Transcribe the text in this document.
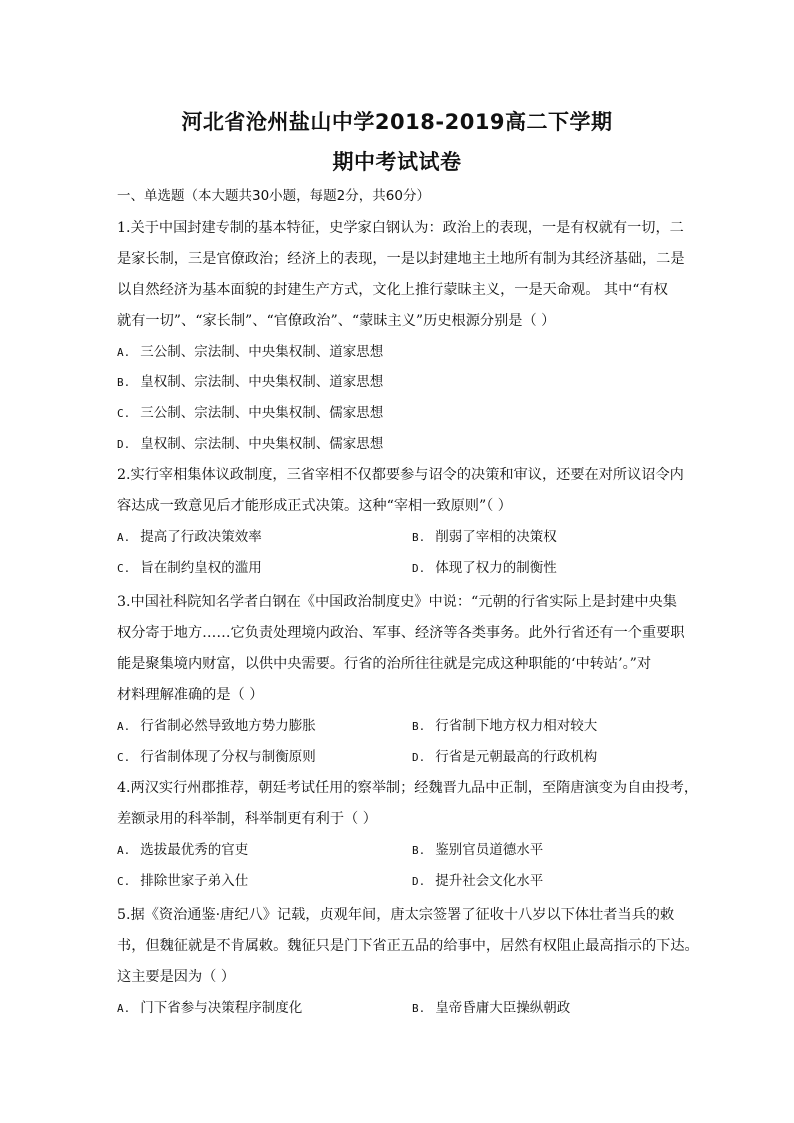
河北省沧州盐山中学2018-2019高二下学期
期中考试试卷
一、单选题（本大题共30小题，每题2分，共60分）
1.关于中国封建专制的基本特征，史学家白钢认为：政治上的表现，一是有权就有一切，二
是家长制，三是官僚政治；经济上的表现，一是以封建地主土地所有制为其经济基础，二是
以自然经济为基本面貌的封建生产方式，文化上推行蒙昧主义，一是天命观。 其中“有权
就有一切”、“家长制”、“官僚政治”、“蒙昧主义”历史根源分别是（ ）
A. 三公制、宗法制、中央集权制、道家思想
B. 皇权制、宗法制、中央集权制、道家思想
C. 三公制、宗法制、中央集权制、儒家思想
D. 皇权制、宗法制、中央集权制、儒家思想
2.实行宰相集体议政制度，三省宰相不仅都要参与诏令的决策和审议，还要在对所议诏令内
容达成一致意见后才能形成正式决策。这种“宰相一致原则”（ ）
A. 提高了行政决策效率	B. 削弱了宰相的决策权
C. 旨在制约皇权的滥用	D. 体现了权力的制衡性
3.中国社科院知名学者白钢在《中国政治制度史》中说：“元朝的行省实际上是封建中央集
权分寄于地方……它负责处理境内政治、军事、经济等各类事务。此外行省还有一个重要职
能是聚集境内财富，以供中央需要。行省的治所往往就是完成这种职能的‘中转站’。”对
材料理解准确的是（ ）
A. 行省制必然导致地方势力膨胀	B. 行省制下地方权力相对较大
C. 行省制体现了分权与制衡原则	D. 行省是元朝最高的行政机构
4.两汉实行州郡推荐，朝廷考试任用的察举制；经魏晋九品中正制，至隋唐演变为自由投考，
差额录用的科举制，科举制更有利于（ ）
A. 选拔最优秀的官吏	B. 鉴别官员道德水平
C. 排除世家子弟入仕	D. 提升社会文化水平
5.据《资治通鉴·唐纪八》记载，贞观年间，唐太宗签署了征收十八岁以下体壮者当兵的敕
书，但魏征就是不肯属敕。魏征只是门下省正五品的给事中，居然有权阻止最高指示的下达。
这主要是因为（ ）
A. 门下省参与决策程序制度化	B. 皇帝昏庸大臣操纵朝政
